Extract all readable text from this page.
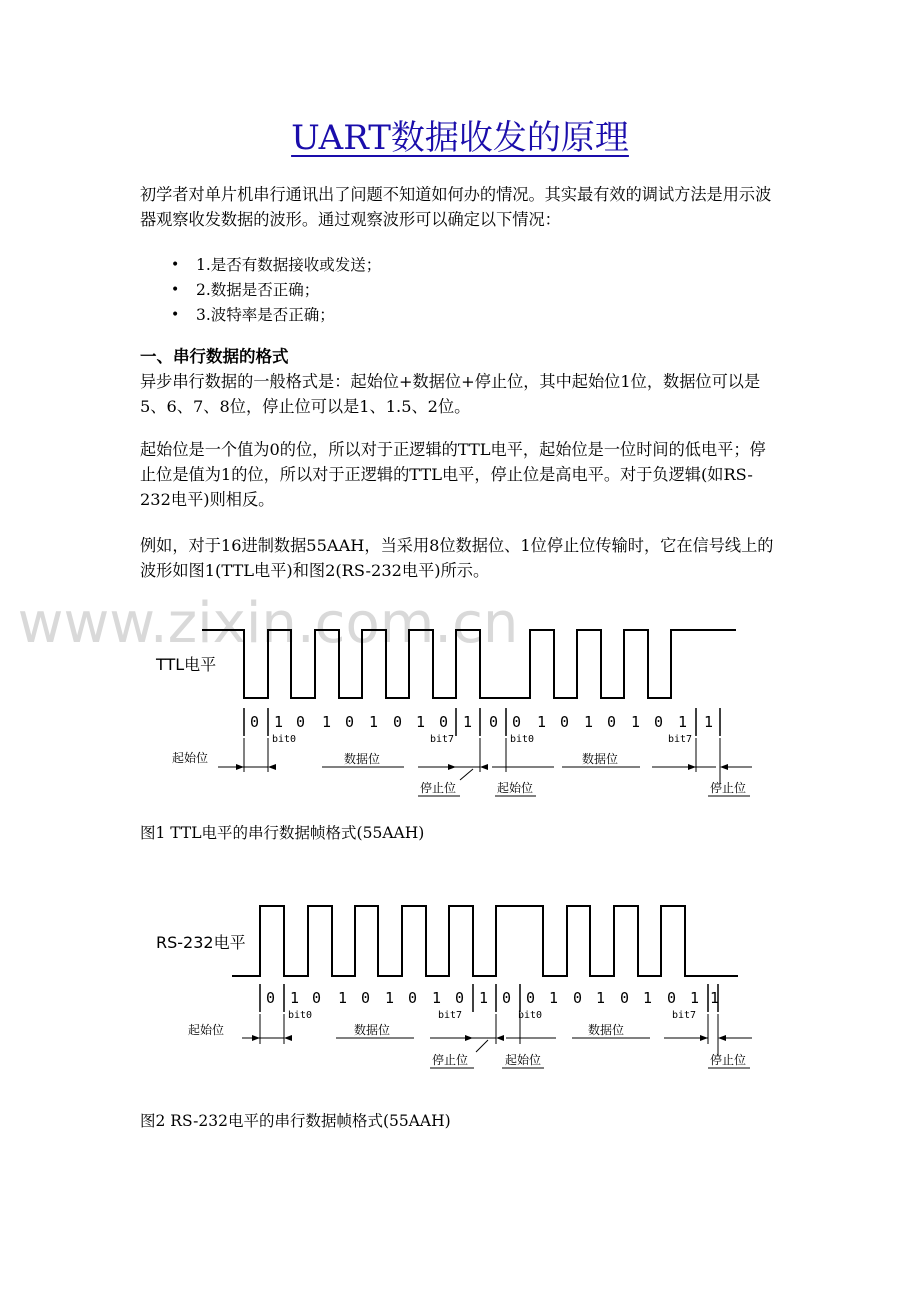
UART数据收发的原理

初学者对单片机串行通讯出了问题不知道如何办的情况。其实最有效的调试方法是用示波器观察收发数据的波形。通过观察波形可以确定以下情况：

• 1.是否有数据接收或发送；
• 2.数据是否正确；
• 3.波特率是否正确；
一、串行数据的格式

异步串行数据的一般格式是：起始位+数据位+停止位，其中起始位1位，数据位可以是5、6、7、8位，停止位可以是1、1.5、2位。

起始位是一个值为0的位，所以对于正逻辑的TTL电平，起始位是一位时间的低电平；停止位是值为1的位，所以对于正逻辑的TTL电平，停止位是高电平。对于负逻辑(如RS-232电平)则相反。

例如，对于16进制数据55AAH，当采用8位数据位、1位停止位传输时，它在信号线上的波形如图1(TTL电平)和图2(RS-232电平)所示。

www.zixin.com.cn
TTL电平
0 1 0 1 0 1 0 1 0 1 0 0 1 0 1 0 1 0 1 1
bit0	bit7	bit0	bit7
起始位	数据位	数据位
停止位	起始位	停止位

图1 TTL电平的串行数据帧格式(55AAH)

RS-232电平
0 1 0 1 0 1 0 1 0 1 0 0 1 0 1 0 1 0 1 1
bit0	bit7	bit0	bit7
起始位	数据位	数据位
停止位	起始位	停止位

图2 RS-232电平的串行数据帧格式(55AAH)
